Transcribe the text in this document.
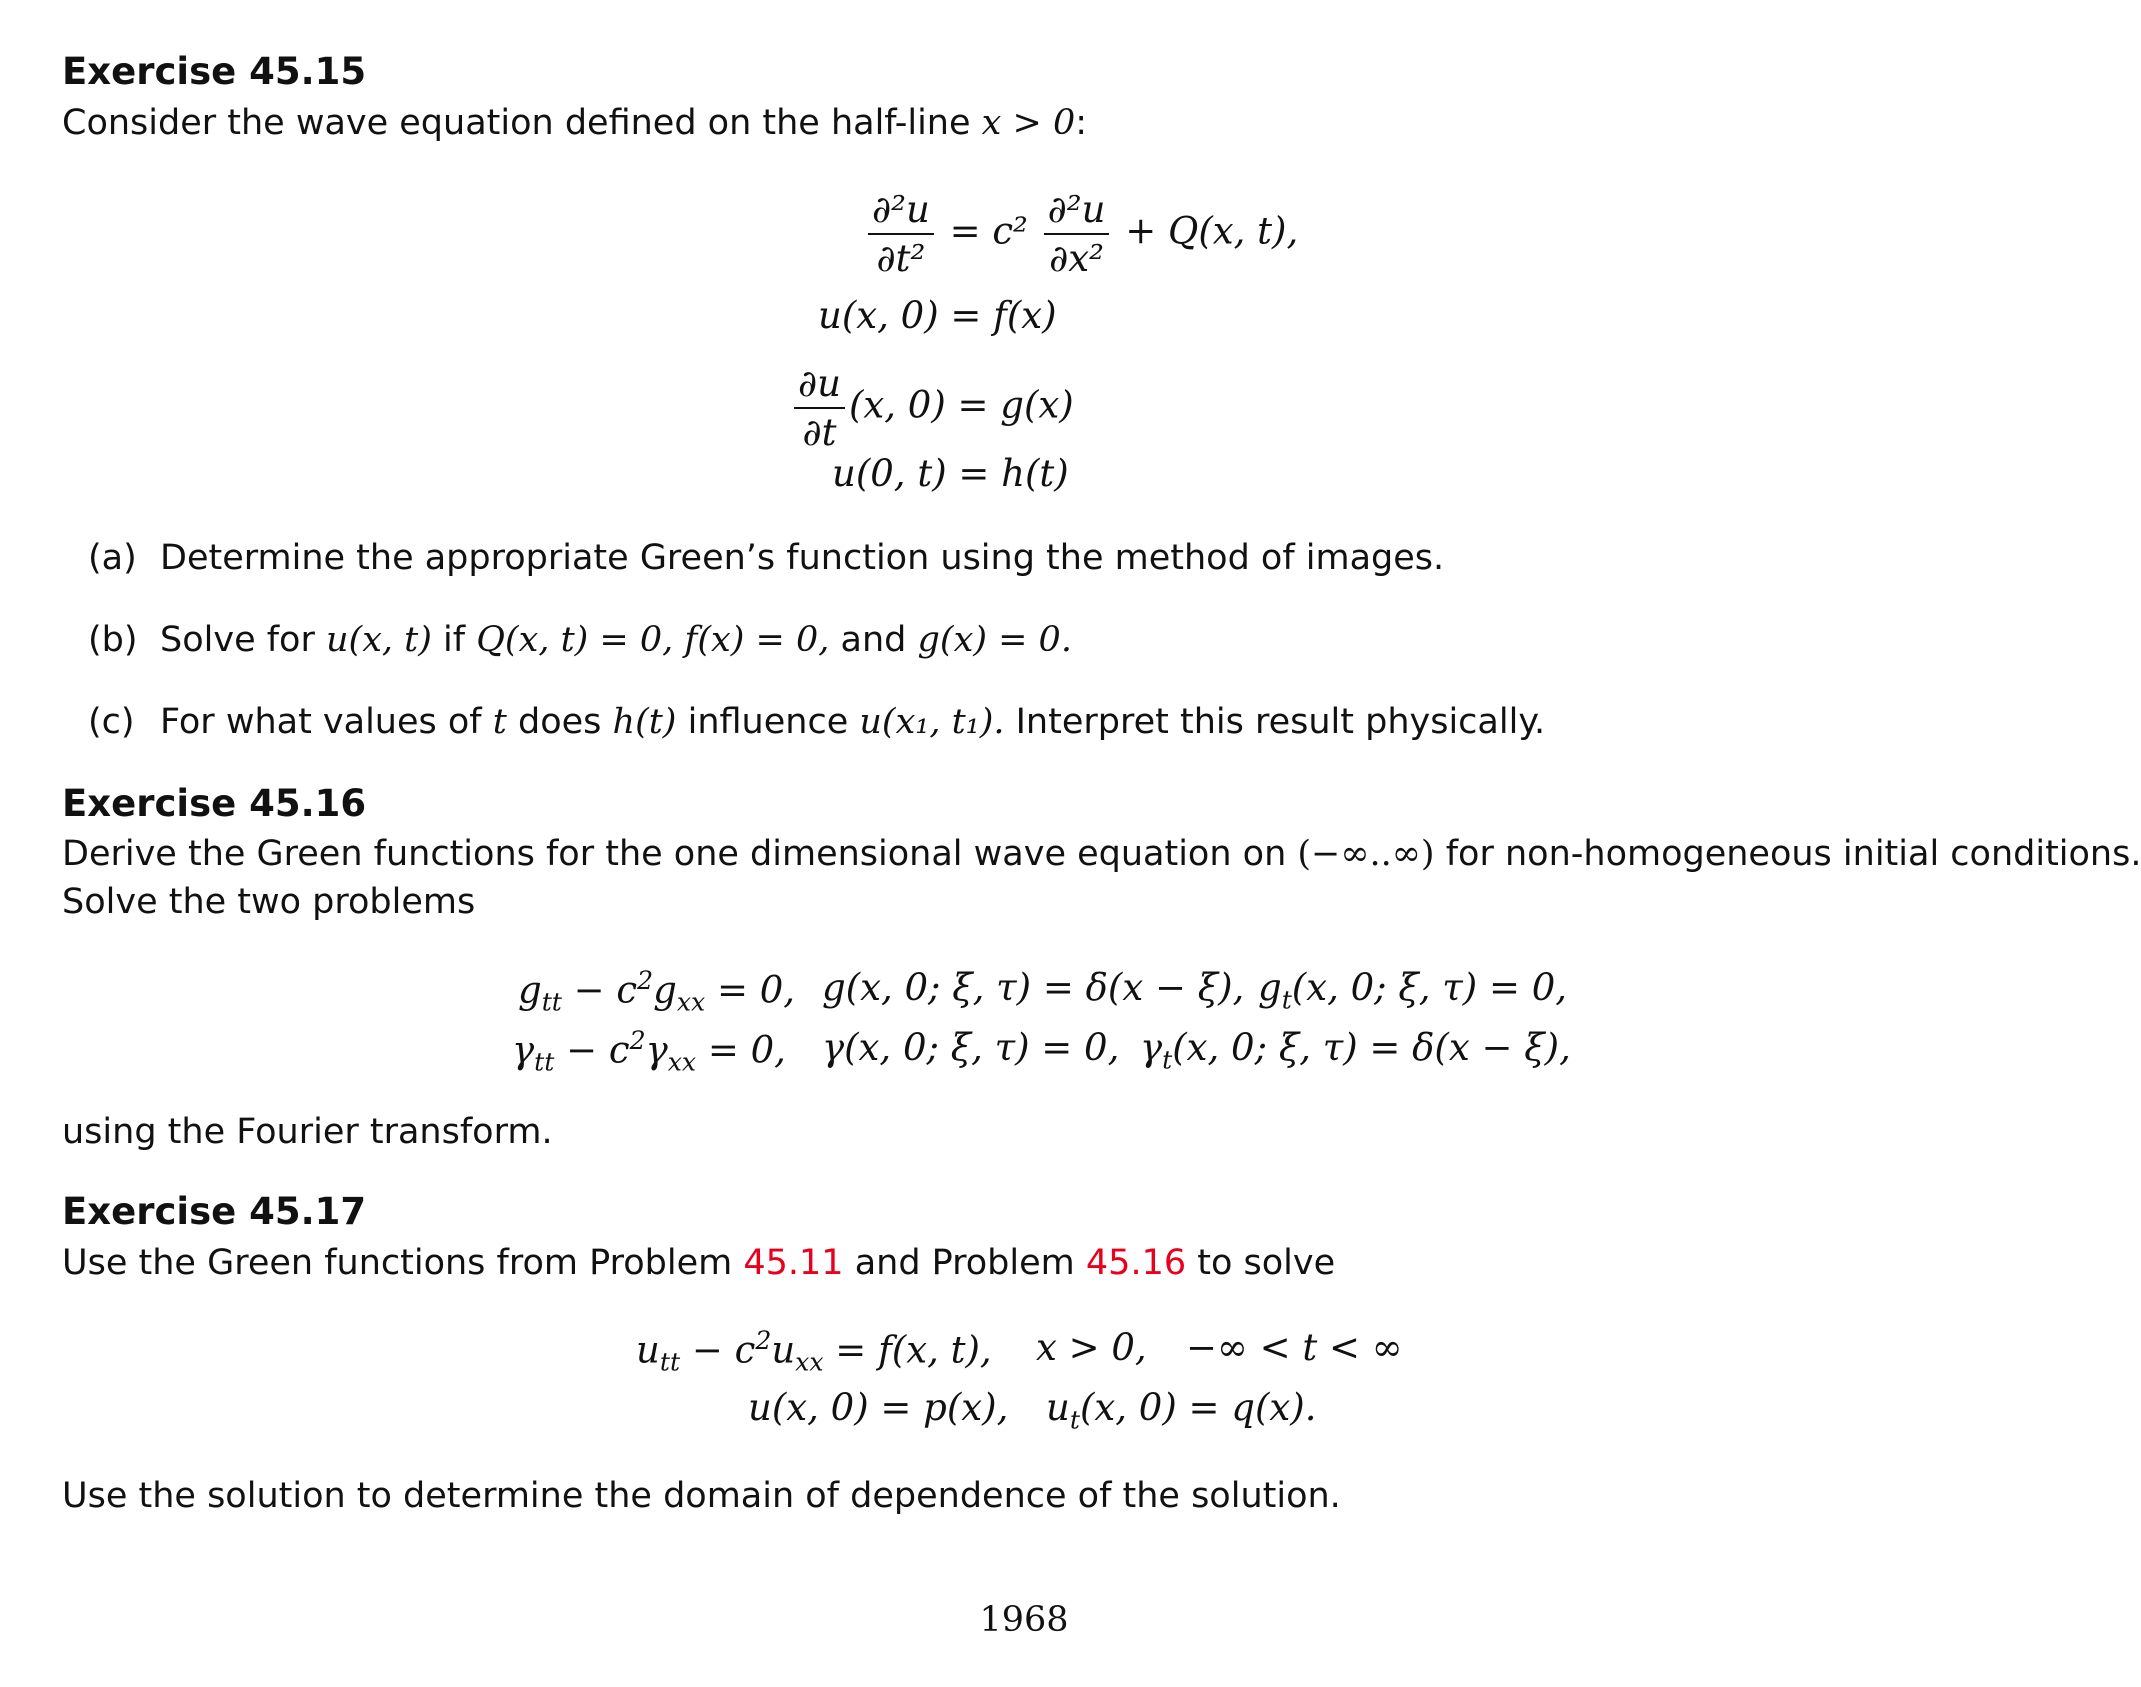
Exercise 45.15
Consider the wave equation defined on the half-line x > 0:
$\frac{\text{∂²u}}{\text{∂t²}} = c^2 \frac{\text{∂²u}}{\text{∂x²}} + Q(x$, t),
u(x, 0) = f(x)
$\frac{\partial u}{\partial t} (x$, 0) = g(x)
u(0, t) = h(t)
(a) Determine the appropriate Green’s function using the method of images.
(b) Solve for u(x, t) if Q(x, t) = 0, f(x) = 0, and g(x) = 0.
(c) For what values of t does h(t) influence u(x₁, t₁). Interpret this result physically.
Exercise 45.16
Derive the Green functions for the one dimensional wave equation on (−∞..∞) for non-homogeneous initial conditions.
Solve the two problems
$g_{tt} - c^2g_{xx} = 0$, g(x, 0; ξ, τ) = δ(x − ξ), $g_t(x$, 0; ξ, τ) = 0,
$\gamma_{tt} - c^2\gamma_{xx} = 0$, γ(x, 0; ξ, τ) = 0, $\gamma_t(x$, 0; ξ, τ) = δ(x − ξ),
using the Fourier transform.
Exercise 45.17
Use the Green functions from Problem 45.11 and Problem 45.16 to solve
$u_{tt} - c^2u_{xx} = f(x$, t), x > 0, −∞ < t < ∞
u(x, 0) = p(x), $u_t(x$, 0) = q(x).
Use the solution to determine the domain of dependence of the solution.
1968
